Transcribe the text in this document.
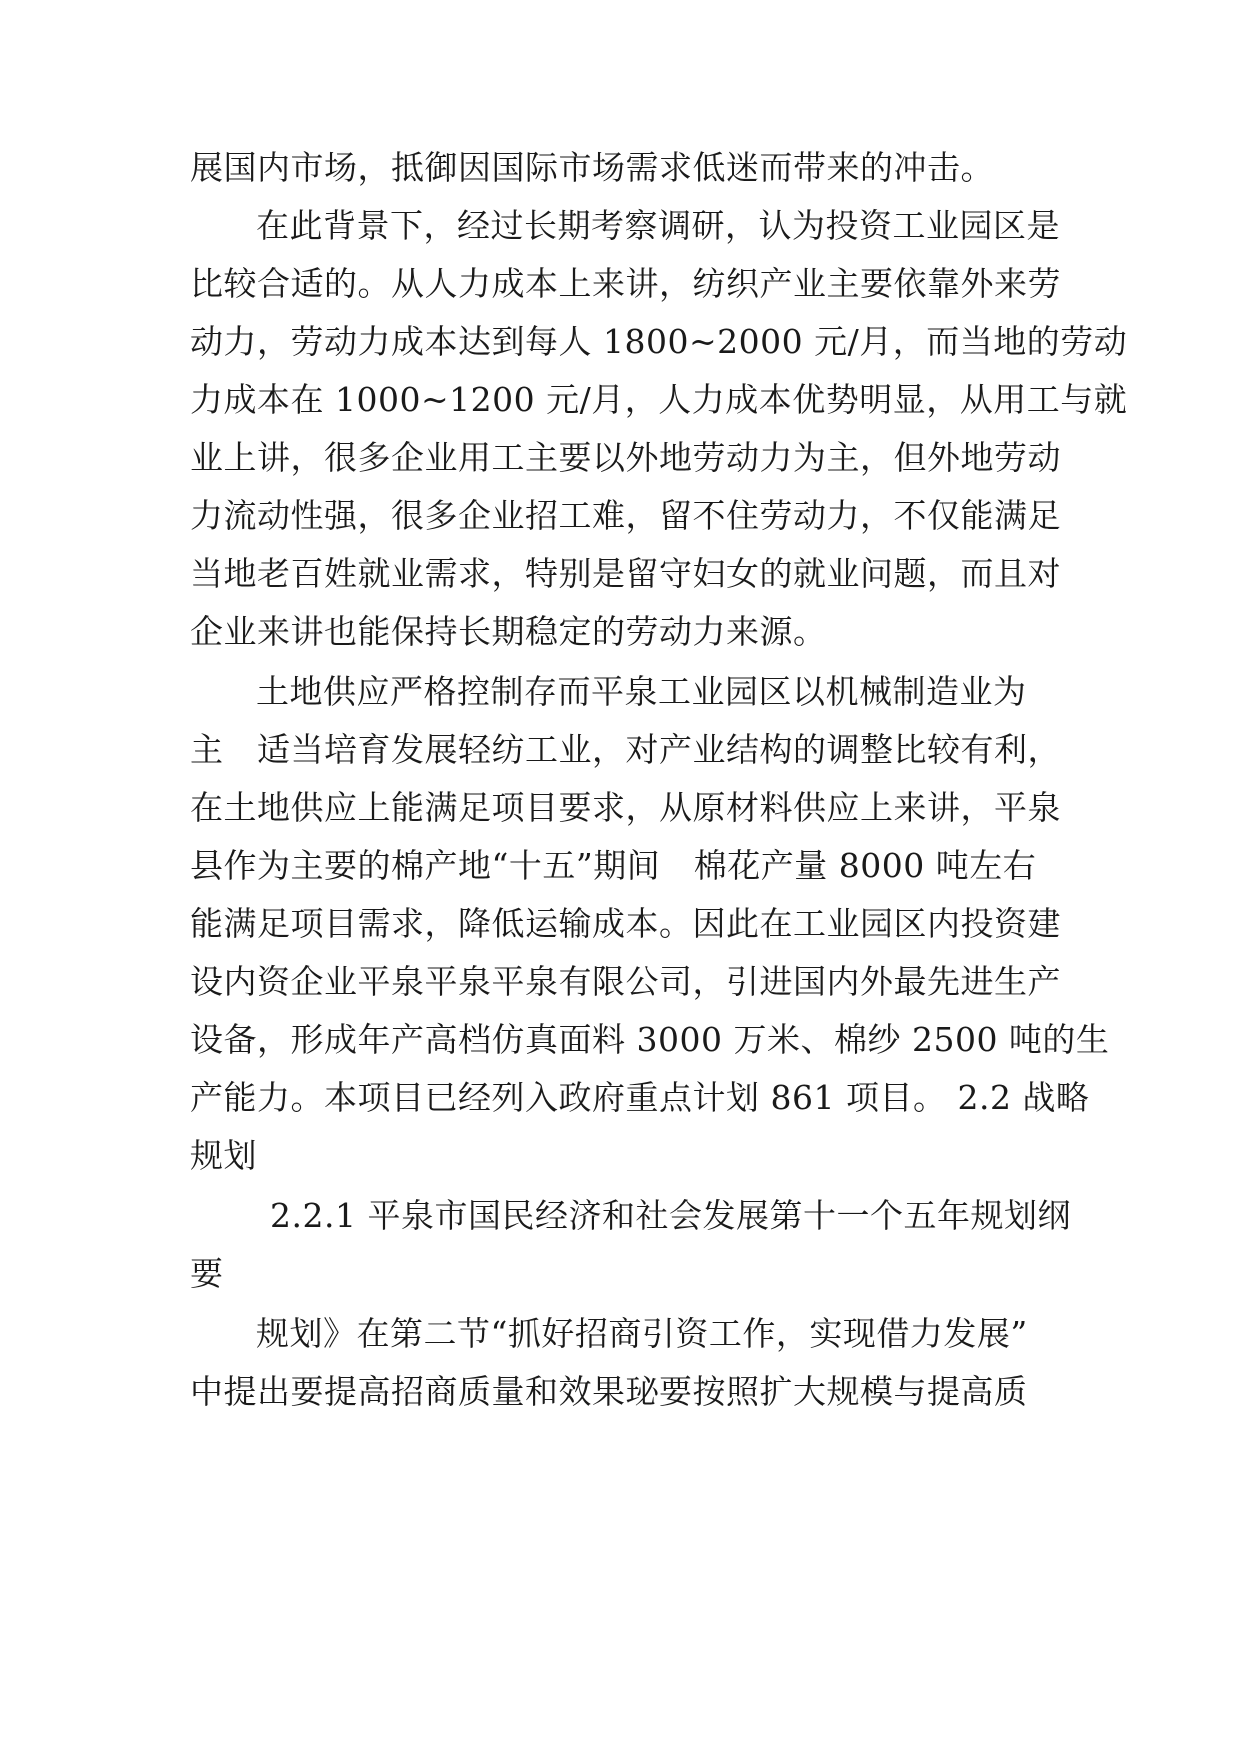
展国内市场，抵御因国际市场需求低迷而带来的冲击。
在此背景下，经过长期考察调研，认为投资工业园区是
比较合适的。从人力成本上来讲，纺织产业主要依靠外来劳
动力，劳动力成本达到每人 1800~2000 元/月，而当地的劳动
力成本在 1000~1200 元/月，人力成本优势明显，从用工与就
业上讲，很多企业用工主要以外地劳动力为主，但外地劳动
力流动性强，很多企业招工难，留不住劳动力，不仅能满足
当地老百姓就业需求，特别是留守妇女的就业问题，而且对
企业来讲也能保持长期稳定的劳动力来源。
土地供应严格控制存而平泉工业园区以机械制造业为
主　适当培育发展轻纺工业，对产业结构的调整比较有利，
在土地供应上能满足项目要求，从原材料供应上来讲，平泉
县作为主要的棉产地“十五”期间　棉花产量 8000 吨左右
能满足项目需求，降低运输成本。因此在工业园区内投资建
设内资企业平泉平泉平泉有限公司，引进国内外最先进生产
设备，形成年产高档仿真面料 3000 万米、棉纱 2500 吨的生
产能力。本项目已经列入政府重点计划 861 项目。 2.2 战略
规划
2.2.1 平泉市国民经济和社会发展第十一个五年规划纲
要
规划》在第二节“抓好招商引资工作，实现借力发展”
中提出要提高招商质量和效果珌要按照扩大规模与提高质
